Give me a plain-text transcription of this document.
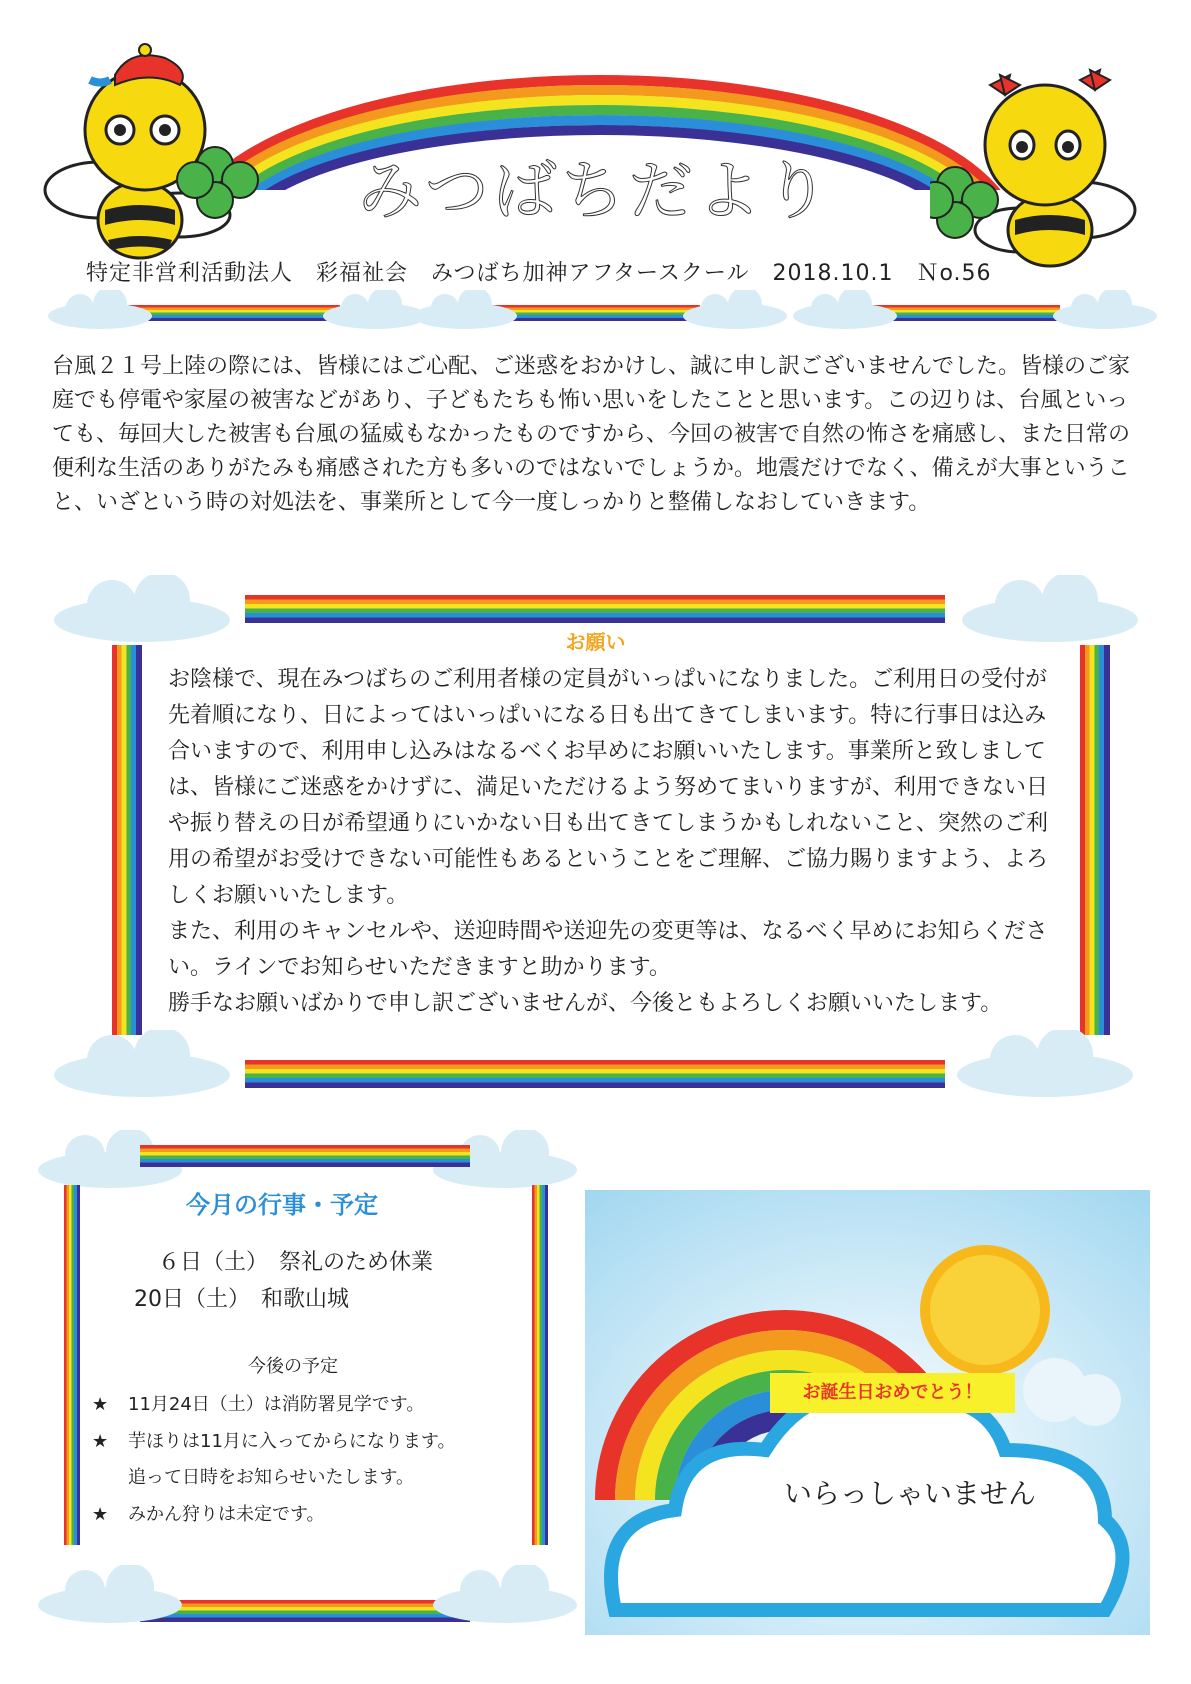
みつばちだより
特定非営利活動法人　彩福祉会　みつばち加神アフタースクール　2018.10.1　Ｎo.56
台風２１号上陸の際には、皆様にはご心配、ご迷惑をおかけし、誠に申し訳ございませんでした。皆様のご家庭でも停電や家屋の被害などがあり、子どもたちも怖い思いをしたことと思います。この辺りは、台風といっても、毎回大した被害も台風の猛威もなかったものですから、今回の被害で自然の怖さを痛感し、また日常の便利な生活のありがたみも痛感された方も多いのではないでしょうか。地震だけでなく、備えが大事ということ、いざという時の対処法を、事業所として今一度しっかりと整備しなおしていきます。
お願い

お陰様で、現在みつばちのご利用者様の定員がいっぱいになりました。ご利用日の受付が先着順になり、日によってはいっぱいになる日も出てきてしまいます。特に行事日は込み合いますので、利用申し込みはなるべくお早めにお願いいたします。事業所と致しましては、皆様にご迷惑をかけずに、満足いただけるよう努めてまいりますが、利用できない日や振り替えの日が希望通りにいかない日も出てきてしまうかもしれないこと、突然のご利用の希望がお受けできない可能性もあるということをご理解、ご協力賜りますよう、よろしくお願いいたします。

また、利用のキャンセルや、送迎時間や送迎先の変更等は、なるべく早めにお知らください。ラインでお知らせいただきますと助かります。

勝手なお願いばかりで申し訳ございませんが、今後ともよろしくお願いいたします。

今月の行事・予定
６日（土）　祭礼のため休業
20日（土）　和歌山城
今後の予定
★ 11月24日（土）は消防署見学です。
★ 芋ほりは11月に入ってからになります。
追って日時をお知らせいたします。
★ みかん狩りは未定です。
お誕生日おめでとう！
いらっしゃいません
